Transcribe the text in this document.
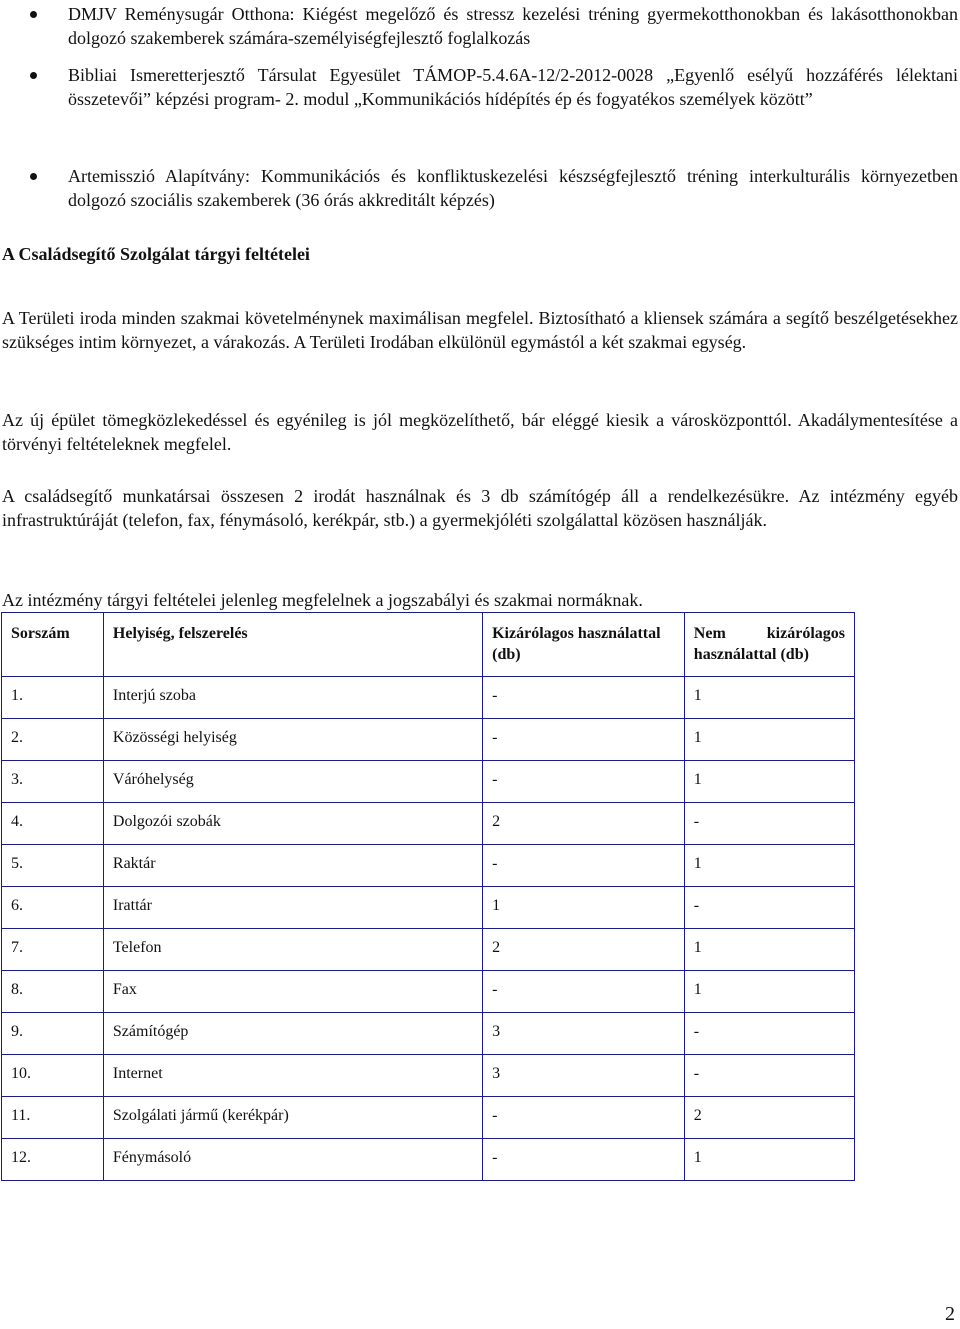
DMJV Reménysugár Otthona: Kiégést megelőző és stressz kezelési tréning gyermekotthonokban és lakásotthonokban dolgozó szakemberek számára-személyiségfejlesztő foglalkozás
Bibliai Ismeretterjesztő Társulat Egyesület TÁMOP-5.4.6A-12/2-2012-0028 „Egyenlő esélyű hozzáférés lélektani összetevői” képzési program- 2. modul „Kommunikációs hídépítés ép és fogyatékos személyek között”
Artemisszió Alapítvány: Kommunikációs és konfliktuskezelési készségfejlesztő tréning interkulturális környezetben dolgozó szociális szakemberek (36 órás akkreditált képzés)
A Családsegítő Szolgálat tárgyi feltételei
A Területi iroda minden szakmai követelménynek maximálisan megfelel. Biztosítható a kliensek számára a segítő beszélgetésekhez szükséges intim környezet, a várakozás. A Területi Irodában elkülönül egymástól a két szakmai egység.
Az új épület tömegközlekedéssel és egyénileg is jól megközelíthető, bár eléggé kiesik a városközponttól. Akadálymentesítése a törvényi feltételeknek megfelel.
A családsegítő munkatársai összesen 2 irodát használnak és 3 db számítógép áll a rendelkezésükre. Az intézmény egyéb infrastruktúráját (telefon, fax, fénymásoló, kerékpár, stb.) a gyermekjóléti szolgálattal közösen használják.
Az intézmény tárgyi feltételei jelenleg megfelelnek a jogszabályi és szakmai normáknak.
Sorszám	Helyiség, felszerelés	Kizárólagos használattal (db)	Nem kizárólagos
használattal (db)

1.	Interjú szoba	-	1
2.	Közösségi helyiség	-	1
3.	Váróhelység	-	1
4.	Dolgozói szobák	2	-
5.	Raktár	-	1
6.	Irattár	1	-
7.	Telefon	2	1
8.	Fax	-	1
9.	Számítógép	3	-
10.	Internet	3	-
11.	Szolgálati jármű (kerékpár)	-	2
12.	Fénymásoló	-	1
2
